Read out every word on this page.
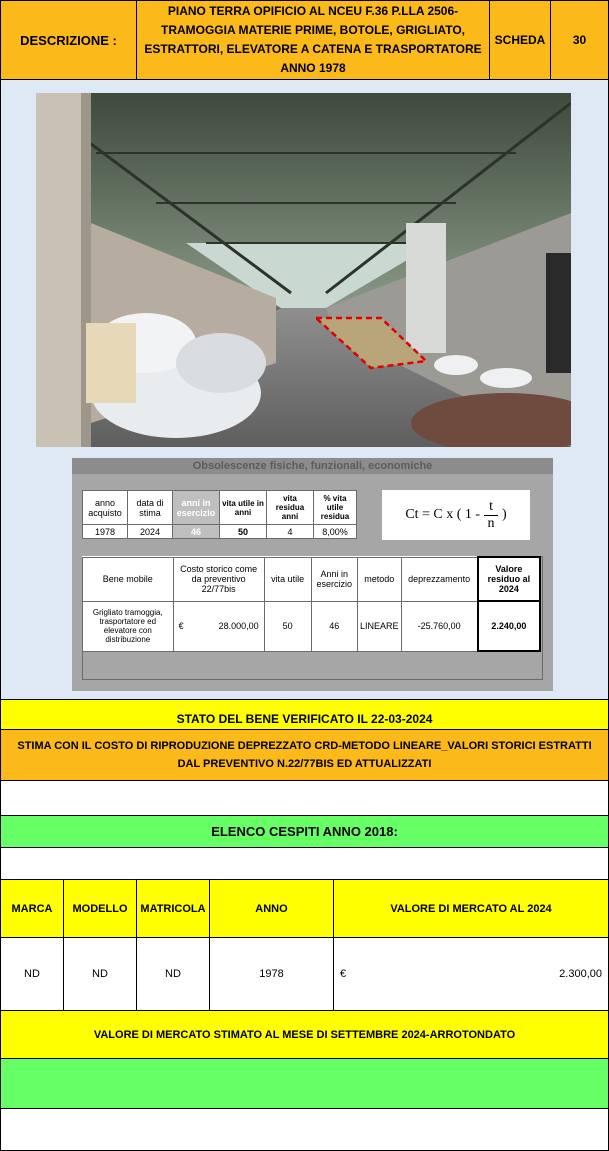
DESCRIZIONE :
PIANO TERRA OPIFICIO AL NCEU F.36 P.LLA 2506-TRAMOGGIA MATERIE PRIME, BOTOLE, GRIGLIATO, ESTRATTORI, ELEVATORE A CATENA E TRASPORTATORE ANNO 1978
SCHEDA	30
Obsolescenze fisiche, funzionali, economiche
anno acquisto	data di stima	anni in esercizio	vita utile in anni	vita residua anni	% vita utile residua
1978	2024	46	50	4	8,00%
Ct = C x ( $1 - \frac{t}{n}$ )
Bene mobile	Costo storico come da preventivo 22/77bis	vita utile	Anni in esercizio	metodo	deprezzamento	Valore residuo al 2024
Grigliato tramoggia, trasportatore ed elevatore con distribuzione	€ 28.000,00	50	46	LINEARE	-25.760,00	2.240,00
STATO DEL BENE VERIFICATO IL 22-03-2024
STIMA CON IL COSTO DI RIPRODUZIONE DEPREZZATO CRD-METODO LINEARE_VALORI STORICI ESTRATTI DAL PREVENTIVO N.22/77BIS ED ATTUALIZZATI
ELENCO CESPITI ANNO 2018:
MARCA	MODELLO	MATRICOLA	ANNO	VALORE DI MERCATO AL 2024
ND	ND	ND	1978	€	2.300,00
VALORE DI MERCATO STIMATO AL MESE DI SETTEMBRE 2024-ARROTONDATO
